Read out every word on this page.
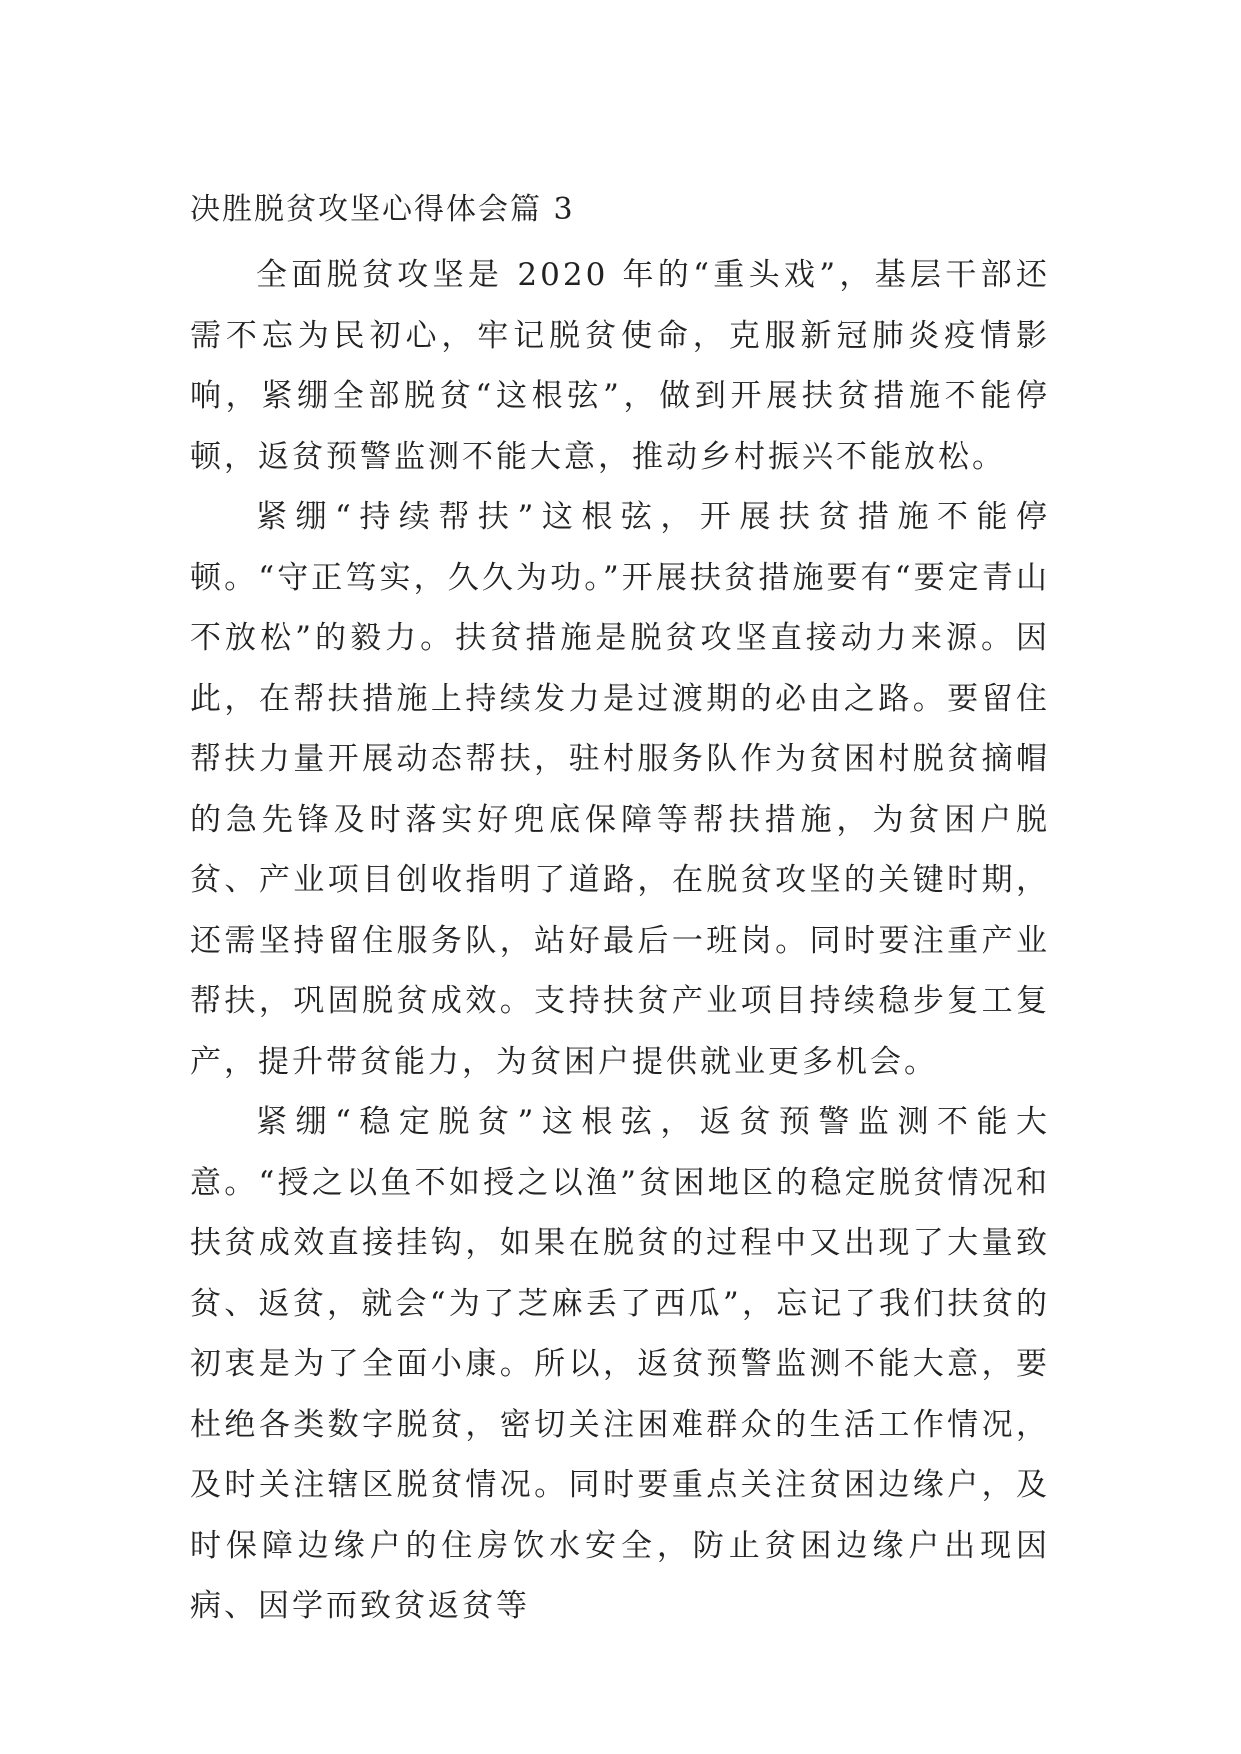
决胜脱贫攻坚心得体会篇 3

全面脱贫攻坚是 2020 年的“重头戏”，基层干部还需不忘为民初心，牢记脱贫使命，克服新冠肺炎疫情影响，紧绷全部脱贫“这根弦”，做到开展扶贫措施不能停顿，返贫预警监测不能大意，推动乡村振兴不能放松。

紧绷“持续帮扶”这根弦，开展扶贫措施不能停顿。“守正笃实，久久为功。”开展扶贫措施要有“要定青山不放松”的毅力。扶贫措施是脱贫攻坚直接动力来源。因此，在帮扶措施上持续发力是过渡期的必由之路。要留住帮扶力量开展动态帮扶，驻村服务队作为贫困村脱贫摘帽的急先锋及时落实好兜底保障等帮扶措施，为贫困户脱贫、产业项目创收指明了道路，在脱贫攻坚的关键时期，还需坚持留住服务队，站好最后一班岗。同时要注重产业帮扶，巩固脱贫成效。支持扶贫产业项目持续稳步复工复产，提升带贫能力，为贫困户提供就业更多机会。

紧绷“稳定脱贫”这根弦，返贫预警监测不能大意。“授之以鱼不如授之以渔”贫困地区的稳定脱贫情况和扶贫成效直接挂钩，如果在脱贫的过程中又出现了大量致贫、返贫，就会“为了芝麻丢了西瓜”，忘记了我们扶贫的初衷是为了全面小康。所以，返贫预警监测不能大意，要杜绝各类数字脱贫，密切关注困难群众的生活工作情况，及时关注辖区脱贫情况。同时要重点关注贫困边缘户，及时保障边缘户的住房饮水安全，防止贫困边缘户出现因病、因学而致贫返贫等
